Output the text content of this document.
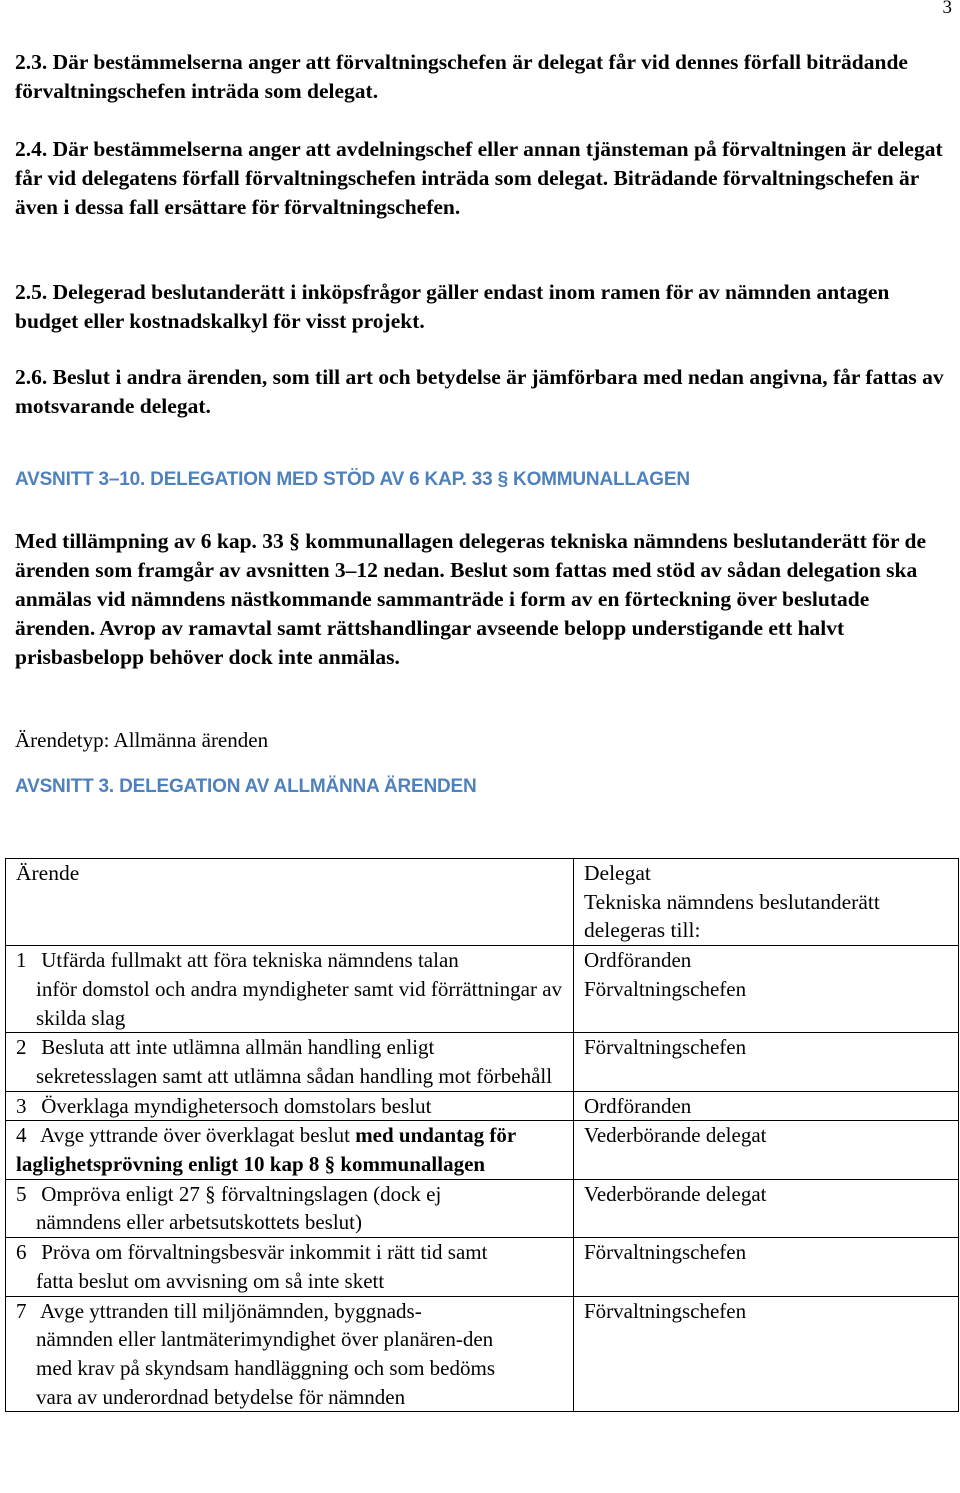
3

2.3. Där bestämmelserna anger att förvaltningschefen är delegat får vid dennes förfall biträdande förvaltningschefen inträda som delegat.

2.4. Där bestämmelserna anger att avdelningschef eller annan tjänsteman på förvaltningen är delegat får vid delegatens förfall förvaltningschefen inträda som delegat. Biträdande förvaltningschefen är även i dessa fall ersättare för förvaltningschefen.

2.5. Delegerad beslutanderätt i inköpsfrågor gäller endast inom ramen för av nämnden antagen budget eller kostnadskalkyl för visst projekt.

2.6. Beslut i andra ärenden, som till art och betydelse är jämförbara med nedan angivna, får fattas av motsvarande delegat.

AVSNITT 3–10. DELEGATION MED STÖD AV 6 KAP. 33 § KOMMUNALLAGEN

Med tillämpning av 6 kap. 33 § kommunallagen delegeras tekniska nämndens beslutanderätt för de ärenden som framgår av avsnitten 3–12 nedan. Beslut som fattas med stöd av sådan delegation ska anmälas vid nämndens nästkommande sammanträde i form av en förteckning över beslutade ärenden. Avrop av ramavtal samt rättshandlingar avseende belopp understigande ett halvt prisbasbelopp behöver dock inte anmälas.

Ärendetyp: Allmänna ärenden

AVSNITT 3. DELEGATION AV ALLMÄNNA ÄRENDEN
Ärende	Delegat
Tekniska nämndens beslutanderätt delegeras till:

1 Utfärda fullmakt att föra tekniska nämndens talan
inför domstol och andra myndigheter samt vid förrättningar av skilda slag	Ordföranden
Förvaltningschefen

2 Besluta att inte utlämna allmän handling enligt
sekretesslagen samt att utlämna sådan handling mot förbehåll	Förvaltningschefen

3 Överklaga myndighetersoch domstolars beslut	Ordföranden

4 Avge yttrande över överklagat beslut med undantag för laglighetsprövning enligt 10 kap 8 § kommunallagen	Vederbörande delegat

5 Ompröva enligt 27 § förvaltningslagen (dock ej
nämndens eller arbetsutskottets beslut)	Vederbörande delegat

6 Pröva om förvaltningsbesvär inkommit i rätt tid samt
fatta beslut om avvisning om så inte skett	Förvaltningschefen

7 Avge yttranden till miljönämnden, byggnads-
nämnden eller lantmäterimyndighet över planären-den med krav på skyndsam handläggning och som bedöms vara av underordnad betydelse för nämnden	Förvaltningschefen
